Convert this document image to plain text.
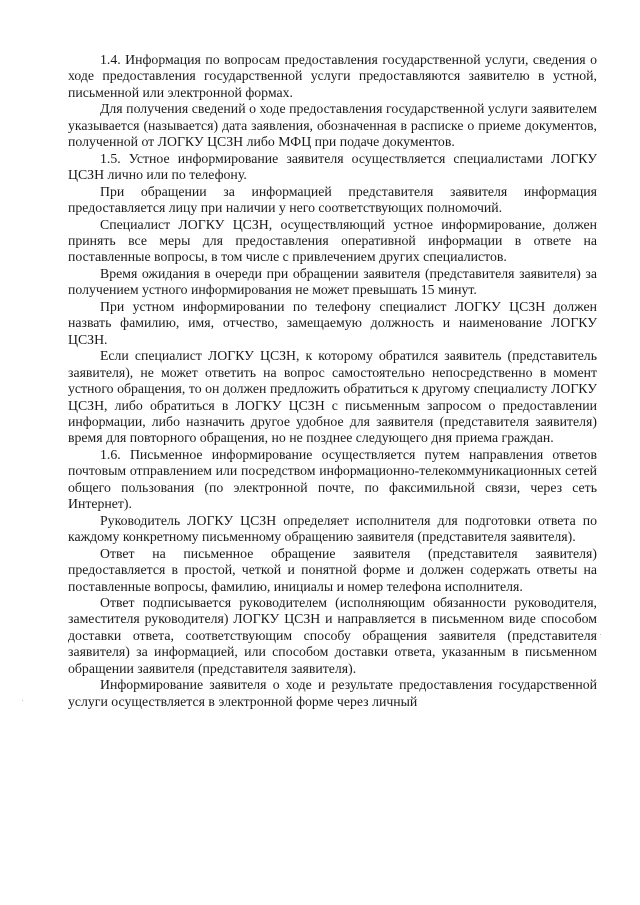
1.4. Информация по вопросам предоставления государственной услуги, сведения о ходе предоставления государственной услуги предоставляются заявителю в устной, письменной или электронной формах.

Для получения сведений о ходе предоставления государственной услуги заявителем указывается (называется) дата заявления, обозначенная в расписке о приеме документов, полученной от ЛОГКУ ЦСЗН либо МФЦ при подаче документов.

1.5. Устное информирование заявителя осуществляется специалистами ЛОГКУ ЦСЗН лично или по телефону.

При обращении за информацией представителя заявителя информация предоставляется лицу при наличии у него соответствующих полномочий.

Специалист ЛОГКУ ЦСЗН, осуществляющий устное информирование, должен принять все меры для предоставления оперативной информации в ответе на поставленные вопросы, в том числе с привлечением других специалистов.

Время ожидания в очереди при обращении заявителя (представителя заявителя) за получением устного информирования не может превышать 15 минут.

При устном информировании по телефону специалист ЛОГКУ ЦСЗН должен назвать фамилию, имя, отчество, замещаемую должность и наименование ЛОГКУ ЦСЗН.

Если специалист ЛОГКУ ЦСЗН, к которому обратился заявитель (представитель заявителя), не может ответить на вопрос самостоятельно непосредственно в момент устного обращения, то он должен предложить обратиться к другому специалисту ЛОГКУ ЦСЗН, либо обратиться в ЛОГКУ ЦСЗН с письменным запросом о предоставлении информации, либо назначить другое удобное для заявителя (представителя заявителя) время для повторного обращения, но не позднее следующего дня приема граждан.

1.6. Письменное информирование осуществляется путем направления ответов почтовым отправлением или посредством информационно-телекоммуникационных сетей общего пользования (по электронной почте, по факсимильной связи, через сеть Интернет).

Руководитель ЛОГКУ ЦСЗН определяет исполнителя для подготовки ответа по каждому конкретному письменному обращению заявителя (представителя заявителя).

Ответ на письменное обращение заявителя (представителя заявителя) предоставляется в простой, четкой и понятной форме и должен содержать ответы на поставленные вопросы, фамилию, инициалы и номер телефона исполнителя.

Ответ подписывается руководителем (исполняющим обязанности руководителя, заместителя руководителя) ЛОГКУ ЦСЗН и направляется в письменном виде способом доставки ответа, соответствующим способу обращения заявителя (представителя заявителя) за информацией, или способом доставки ответа, указанным в письменном обращении заявителя (представителя заявителя).

Информирование заявителя о ходе и результате предоставления государственной услуги осуществляется в электронной форме через личный
